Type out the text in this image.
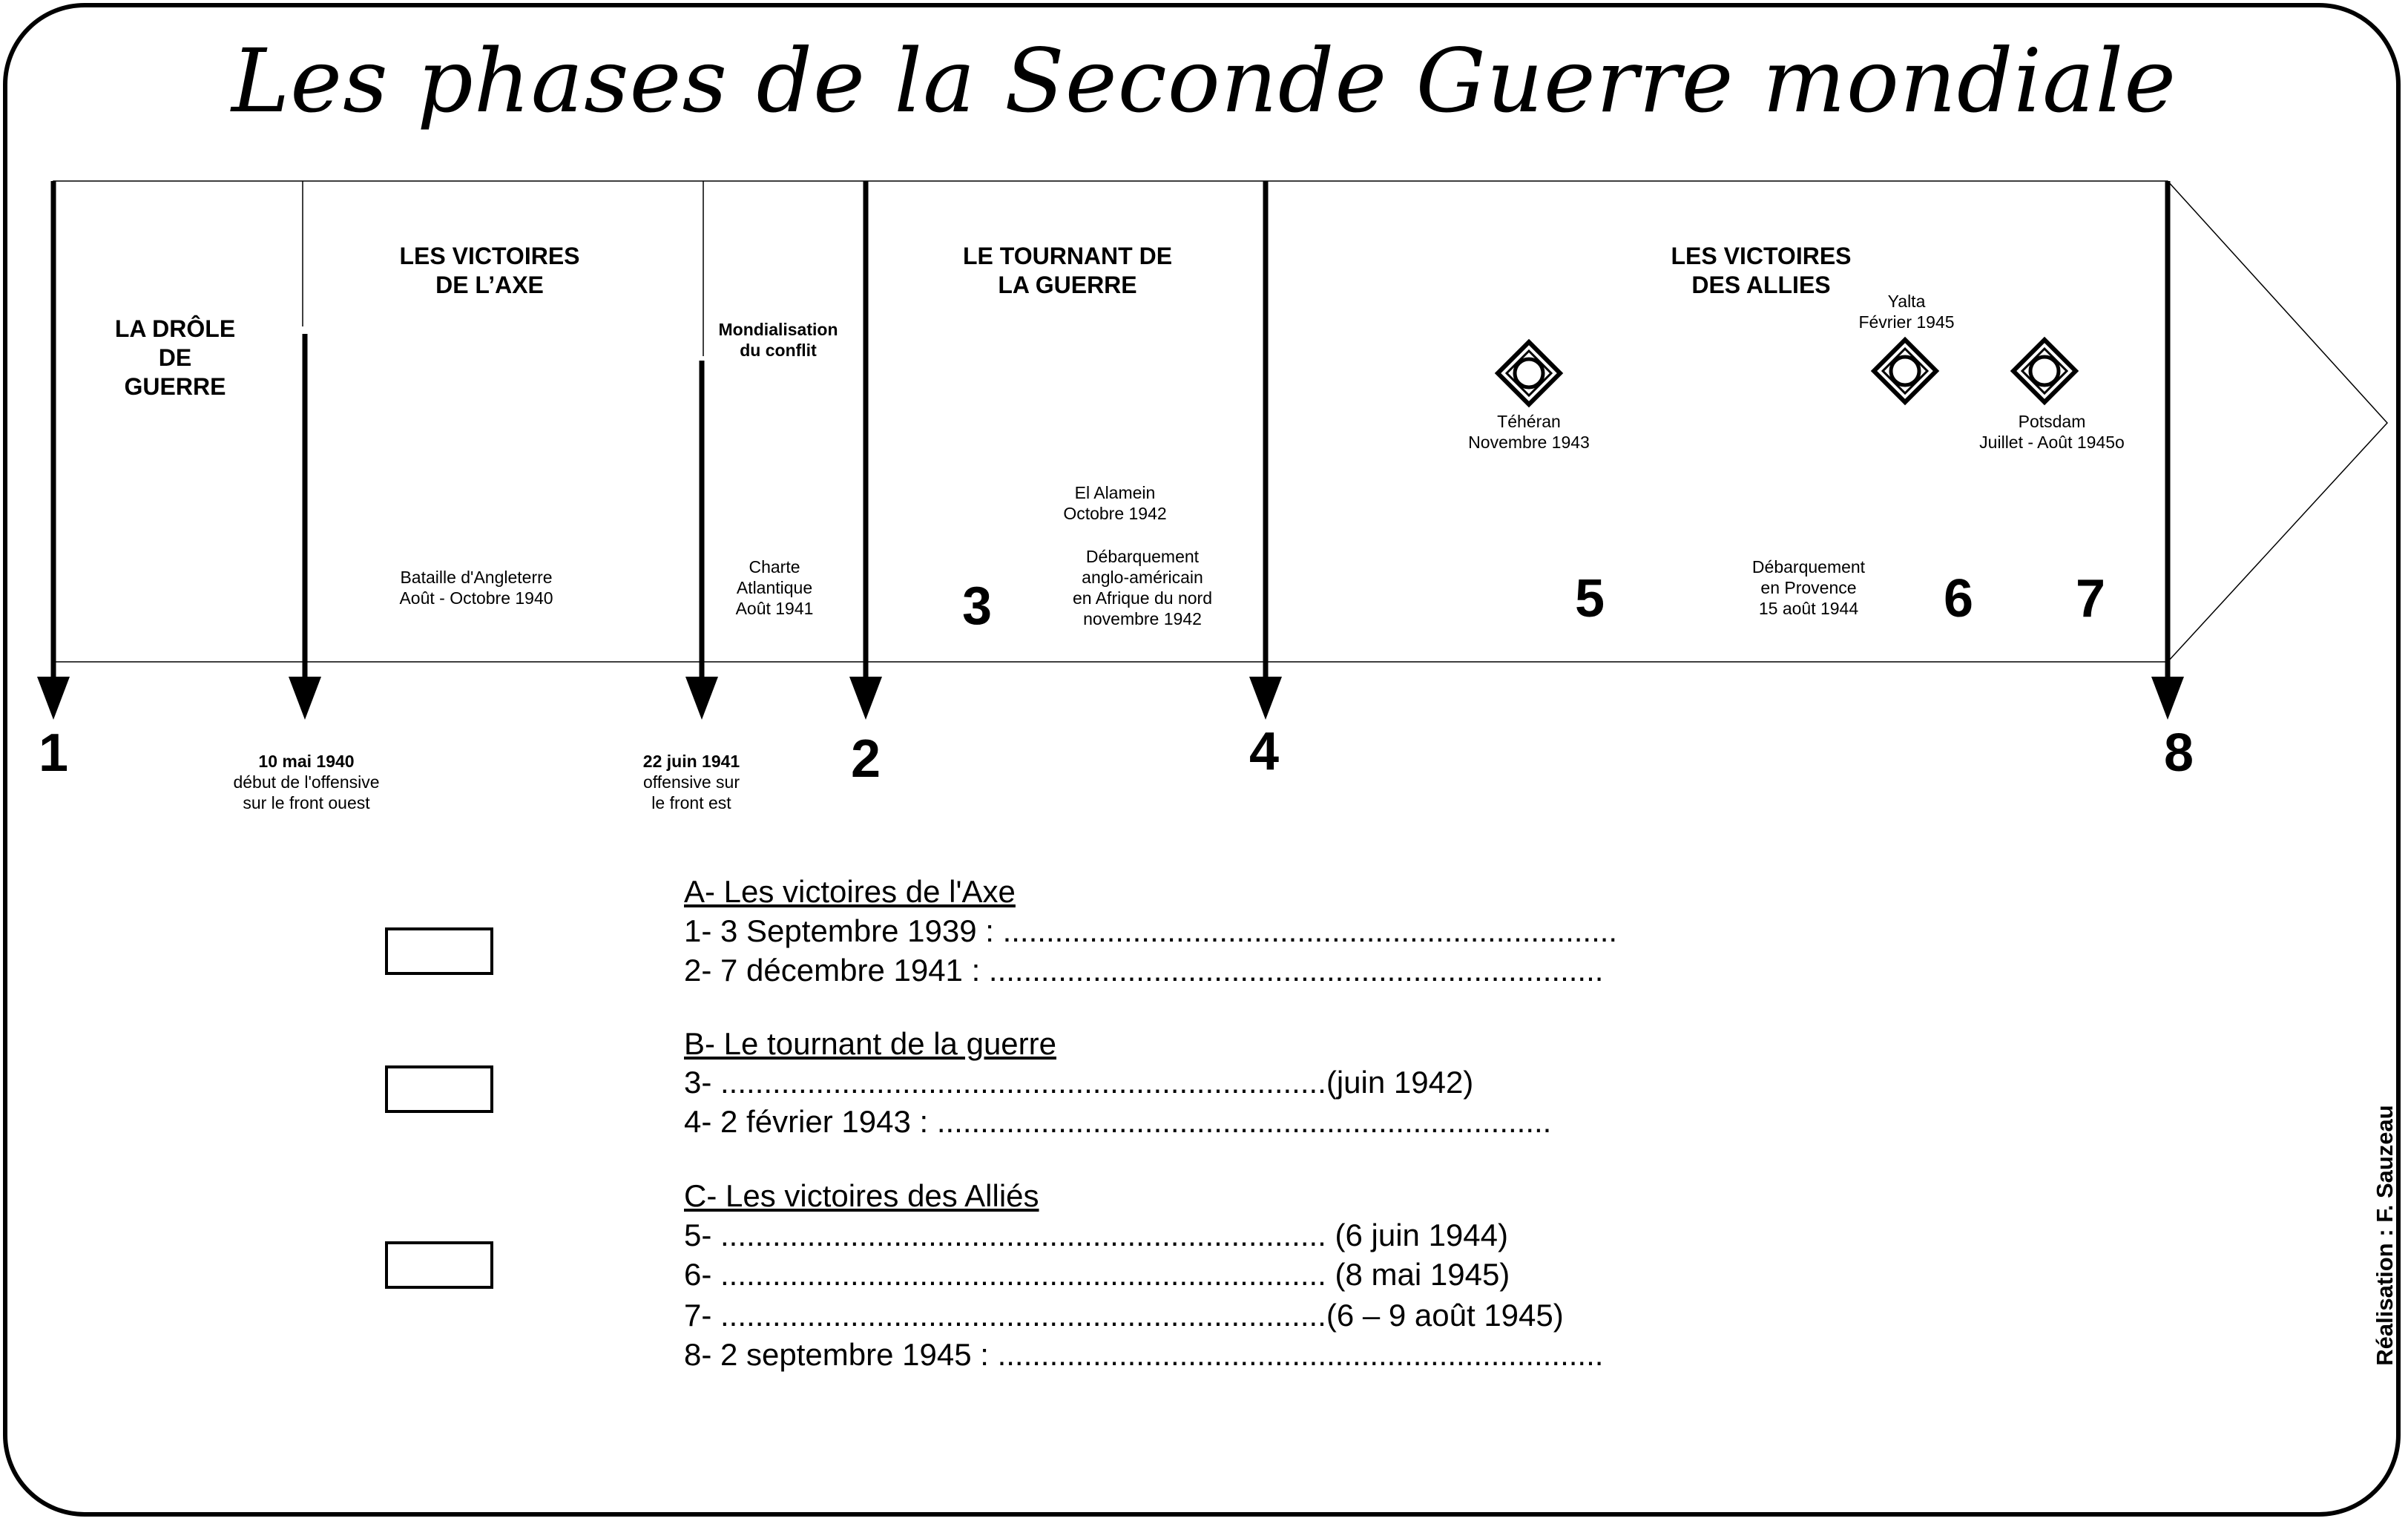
Les phases de la Seconde Guerre mondiale
LA DRÔLE
DE
GUERRE
LES VICTOIRES
DE L’AXE
Mondialisation
du conflit
LE TOURNANT DE
LA GUERRE
LES VICTOIRES
DES ALLIES
Bataille d'Angleterre
Août - Octobre 1940
Charte
Atlantique
Août 1941
El Alamein
Octobre 1942
Débarquement
anglo-américain
en Afrique du nord
novembre 1942
Téhéran
Novembre 1943
Yalta
Février 1945
Potsdam
Juillet - Août 1945o
Débarquement
en Provence
15 août 1944
1	2
3
4
5	6 7
8
10 mai 1940
début de l'offensive
sur le front ouest
22 juin 1941
offensive sur
le front est
A- Les victoires de l'Axe
1- 3 Septembre 1939 : .......................................................................
2- 7 décembre 1941 : .......................................................................
B- Le tournant de la guerre
3- ......................................................................(juin 1942)
4- 2 février 1943 : .......................................................................
C- Les victoires des Alliés
5- ...................................................................... (6 juin 1944)
6- ...................................................................... (8 mai 1945)
7- ......................................................................(6 – 9 août 1945)
8- 2 septembre 1945 : ......................................................................	Réalisation : F. Sauzeau
